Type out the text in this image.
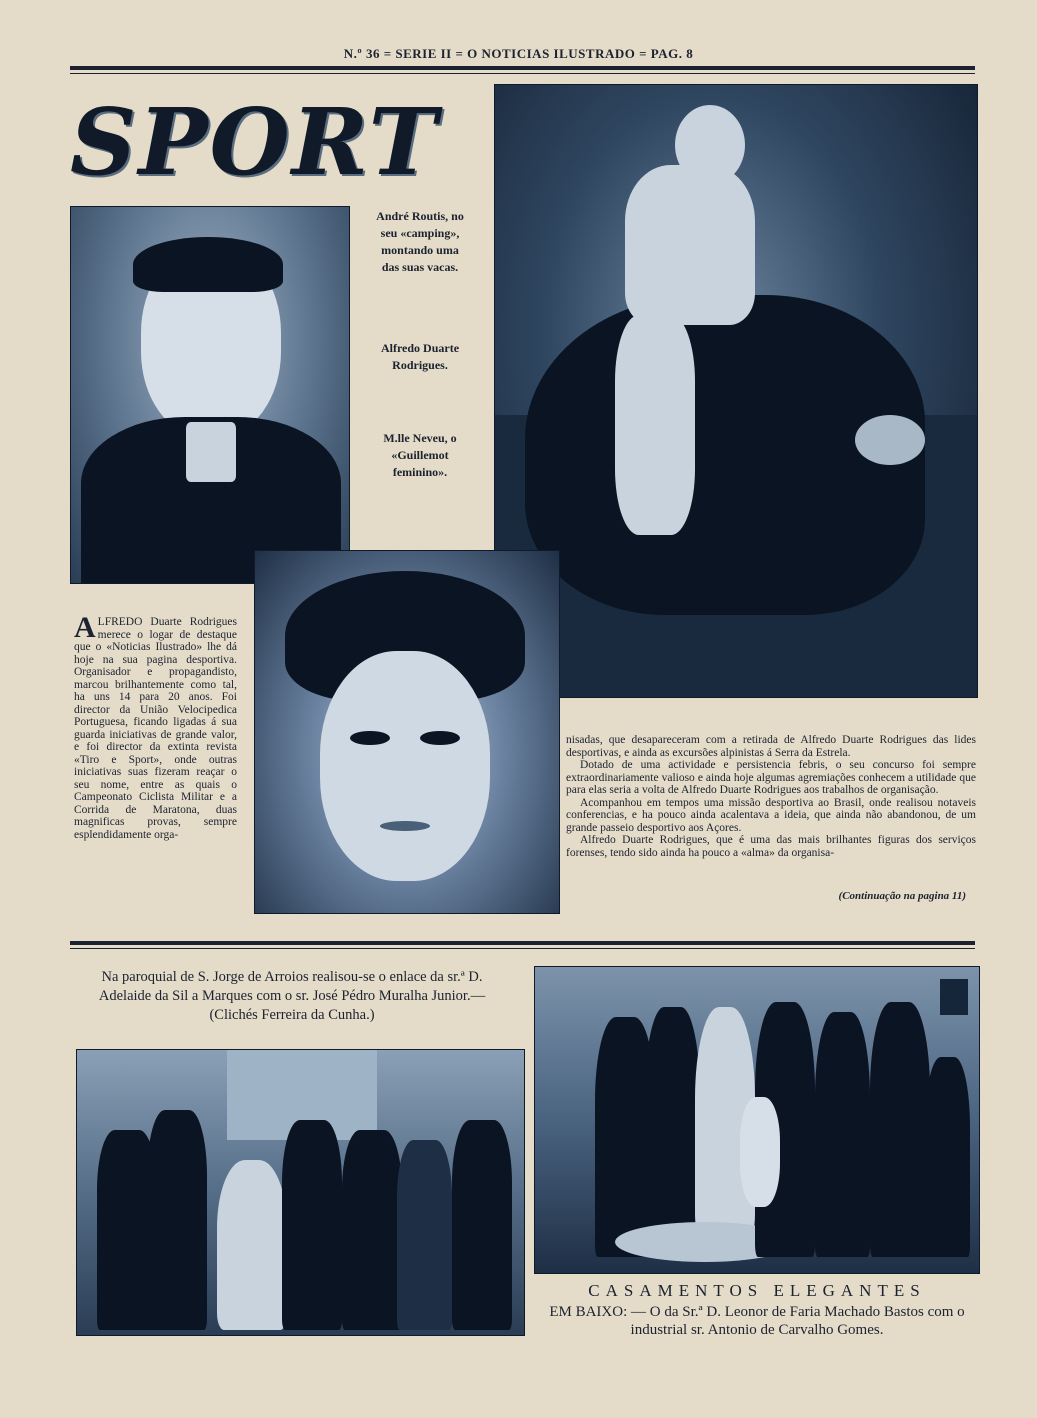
N.º 36 = SERIE II = O NOTICIAS ILUSTRADO = PAG. 8
SPORT
André Routis, no seu «camping», montando uma das suas vacas.
Alfredo Duarte Rodrigues.
M.lle Neveu, o «Guillemot feminino».
ALFREDO Duarte Rodrigues merece o logar de destaque que o «Noticias Ilustrado» lhe dá hoje na sua pagina desportiva. Organisador e propagandisto, marcou brilhantemente como tal, ha uns 14 para 20 anos. Foi director da União Velocipedica Portuguesa, ficando ligadas á sua guarda iniciativas de grande valor, e foi director da extinta revista «Tiro e Sport», onde outras iniciativas suas fizeram reaçar o seu nome, entre as quais o Campeonato Ciclista Militar e a Corrida de Maratona, duas magnificas provas, sempre esplendidamente orga-
nisadas, que desapareceram com a retirada de Alfredo Duarte Rodrigues das lides desportivas, e ainda as excursões alpinistas á Serra da Estrela.
Dotado de uma actividade e persistencia febris, o seu concurso foi sempre extraordinariamente valioso e ainda hoje algumas agremiações conhecem a utilidade que para elas seria a volta de Alfredo Duarte Rodrigues aos trabalhos de organisação.
Acompanhou em tempos uma missão desportiva ao Brasil, onde realisou notaveis conferencias, e ha pouco ainda acalentava a ideia, que ainda não abandonou, de um grande passeio desportivo aos Açores.
Alfredo Duarte Rodrigues, que é uma das mais brilhantes figuras dos serviços forenses, tendo sido ainda ha pouco a «alma» da organisa-
(Continuação na pagina 11)
Na paroquial de S. Jorge de Arroios realisou-se o enlace da sr.ª D. Adelaide da Sil a Marques com o sr. José Pédro Muralha Junior.—(Clichés Ferreira da Cunha.)
CASAMENTOS ELEGANTES
EM BAIXO: — O da Sr.ª D. Leonor de Faria Machado Bastos com o industrial sr. Antonio de Carvalho Gomes.
